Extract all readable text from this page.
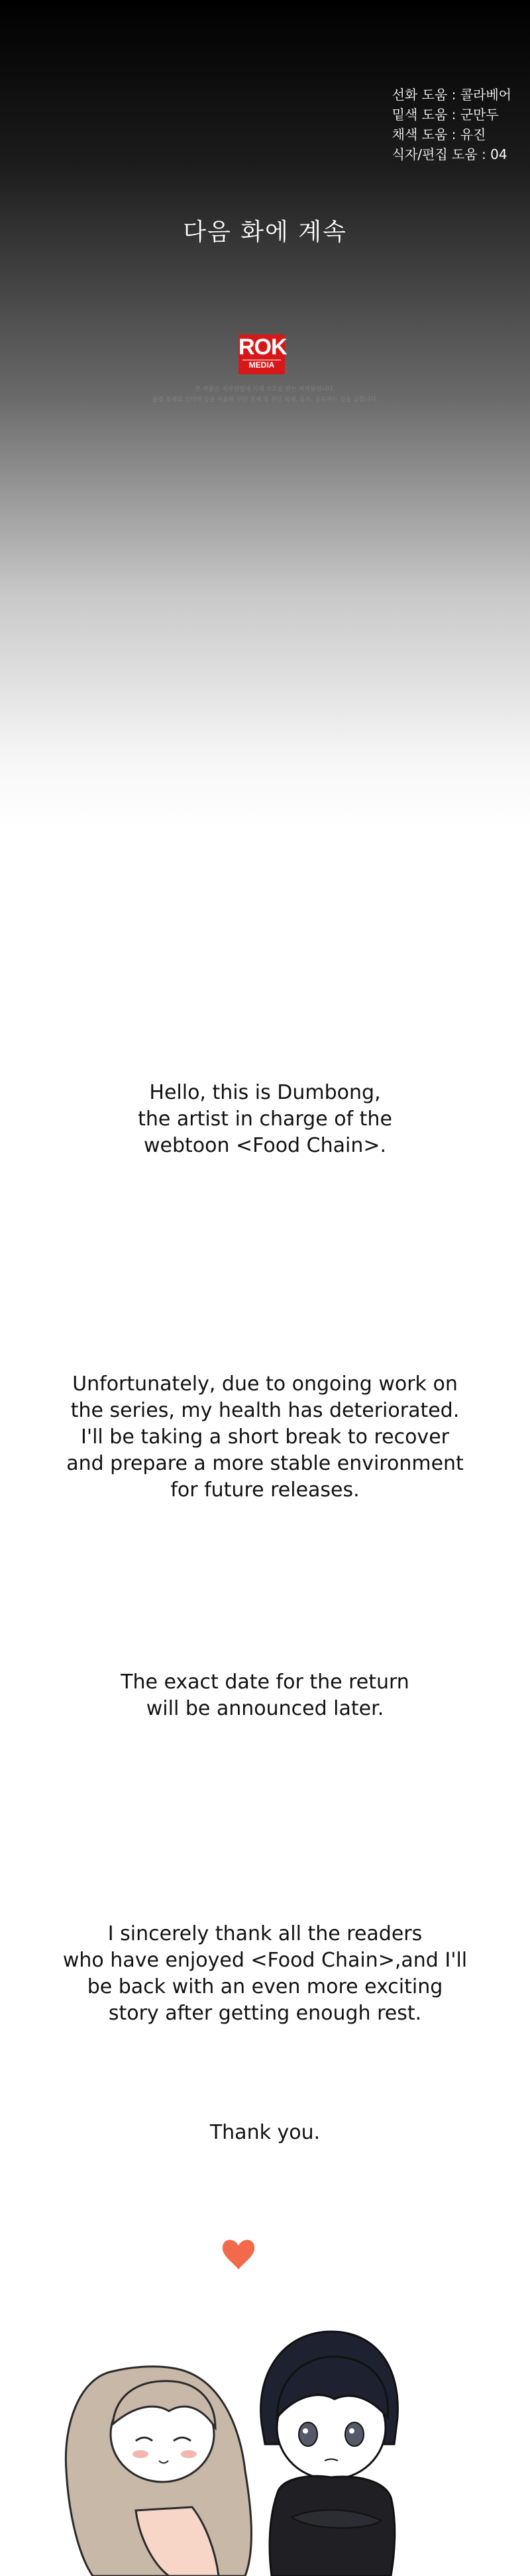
선화 도움 : 콜라베어
밑색 도움 : 군만두
채색 도움 : 유진
식자/편집 도움 : 04
다음 화에 계속
ROK
MEDIA
본 작품은 저작권법에 의해 보호를 받는 저작물입니다.
불법 복제와 인터넷 등을 이용한 무단 전재 및 무단 복제, 유포, 공유하는 것을 금합니다.
Hello, this is Dumbong,
the artist in charge of the
webtoon <Food Chain>.
Unfortunately, due to ongoing work on
the series, my health has deteriorated.
I'll be taking a short break to recover
and prepare a more stable environment
for future releases.
The exact date for the return
will be announced later.
I sincerely thank all the readers
who have enjoyed <Food Chain>,and I'll
be back with an even more exciting
story after getting enough rest.
Thank you.
